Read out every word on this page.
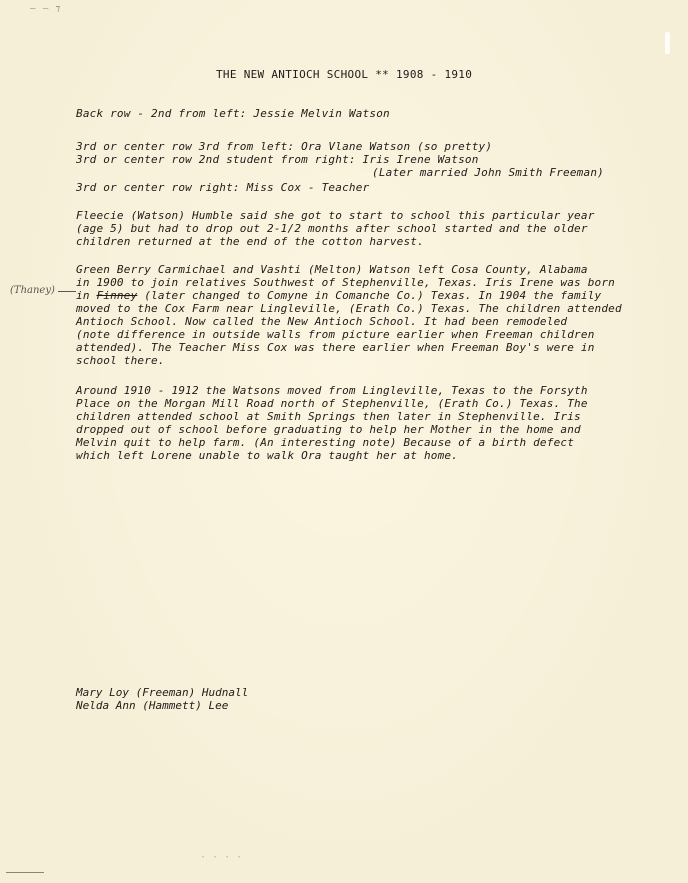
— — ⁊
THE NEW ANTIOCH SCHOOL ** 1908 - 1910
Back row - 2nd from left: Jessie Melvin Watson
3rd or center row 3rd from left: Ora Vlane Watson (so pretty)
3rd or center row 2nd student from right: Iris Irene Watson
(Later married John Smith Freeman)
3rd or center row right: Miss Cox - Teacher
Fleecie (Watson) Humble said she got to start to school this particular year
(age 5) but had to drop out 2-1/2 months after school started and the older
children returned at the end of the cotton harvest.
Green Berry Carmichael and Vashti (Melton) Watson left Cosa County, Alabama
in 1900 to join relatives Southwest of Stephenville, Texas. Iris Irene was born
in Finney (later changed to Comyne in Comanche Co.) Texas. In 1904 the family
moved to the Cox Farm near Lingleville, (Erath Co.) Texas. The children attended
Antioch School. Now called the New Antioch School. It had been remodeled
(note difference in outside walls from picture earlier when Freeman children
attended). The Teacher Miss Cox was there earlier when Freeman Boy's were in
school there.
(Thaney)
Around 1910 - 1912 the Watsons moved from Lingleville, Texas to the Forsyth
Place on the Morgan Mill Road north of Stephenville, (Erath Co.) Texas. The
children attended school at Smith Springs then later in Stephenville. Iris
dropped out of school before graduating to help her Mother in the home and
Melvin quit to help farm. (An interesting note) Because of a birth defect
which left Lorene unable to walk Ora taught her at home.
Mary Loy (Freeman) Hudnall
Nelda Ann (Hammett) Lee
· · · ·
